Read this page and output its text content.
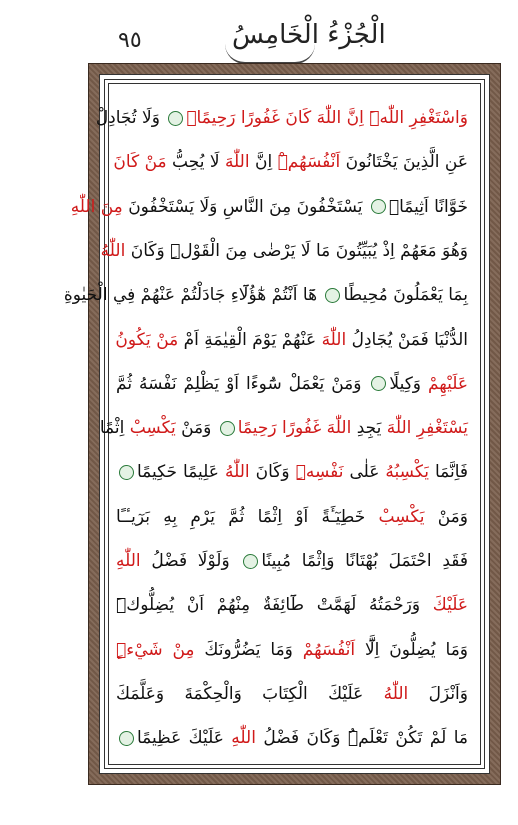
٩٥	الْجُزْءُ الْخَامِسُ
وَاسْتَغْفِرِ اللّٰهَۜ اِنَّ اللّٰهَ كَانَ غَفُورًا رَحِيمًاۚ وَلَا تُجَادِلْ
عَنِ الَّذِينَ يَخْتَانُونَ اَنْفُسَهُمْۜ اِنَّ اللّٰهَ لَا يُحِبُّ مَنْ كَانَ
خَوَّانًا اَثِيمًاۚ يَسْتَخْفُونَ مِنَ النَّاسِ وَلَا يَسْتَخْفُونَ مِنَ اللّٰهِ
وَهُوَ مَعَهُمْ اِذْ يُبَيِّتُونَ مَا لَا يَرْضٰى مِنَ الْقَوْلِۜ وَكَانَ اللّٰهُ
بِمَا يَعْمَلُونَ مُحِيطًا هَٓا اَنْتُمْ هٰٓؤُلَٓاءِ جَادَلْتُمْ عَنْهُمْ فِي الْحَيٰوةِ
الدُّنْيَا فَمَنْ يُجَادِلُ اللّٰهَ عَنْهُمْ يَوْمَ الْقِيٰمَةِ اَمْ مَنْ يَكُونُ
عَلَيْهِمْ وَكِيلًا وَمَنْ يَعْمَلْ سُٓوءًا اَوْ يَظْلِمْ نَفْسَهُ ثُمَّ
يَسْتَغْفِرِ اللّٰهَ يَجِدِ اللّٰهَ غَفُورًا رَحِيمًا وَمَنْ يَكْسِبْ اِثْمًا
فَاِنَّمَا يَكْسِبُهُ عَلٰى نَفْسِهِۜ وَكَانَ اللّٰهُ عَلِيمًا حَكِيمًا
وَمَنْ يَكْسِبْ خَطِيٓـَٔةً اَوْ اِثْمًا ثُمَّ يَرْمِ بِهِ بَرٓيـٔـًا
فَقَدِ احْتَمَلَ بُهْتَانًا وَاِثْمًا مُبِينًا وَلَوْلَا فَضْلُ اللّٰهِ
عَلَيْكَ وَرَحْمَتُهُ لَهَمَّتْ طَٓائِفَةٌ مِنْهُمْ اَنْ يُضِلُّوكَۜ
وَمَا يُضِلُّونَ اِلَّٓا اَنْفُسَهُمْ وَمَا يَضُرُّونَكَ مِنْ شَيْءٍۜ
وَاَنْزَلَ اللّٰهُ عَلَيْكَ الْكِتَابَ وَالْحِكْمَةَ وَعَلَّمَكَ
مَا لَمْ تَكُنْ تَعْلَمُۜ وَكَانَ فَضْلُ اللّٰهِ عَلَيْكَ عَظِيمًا
